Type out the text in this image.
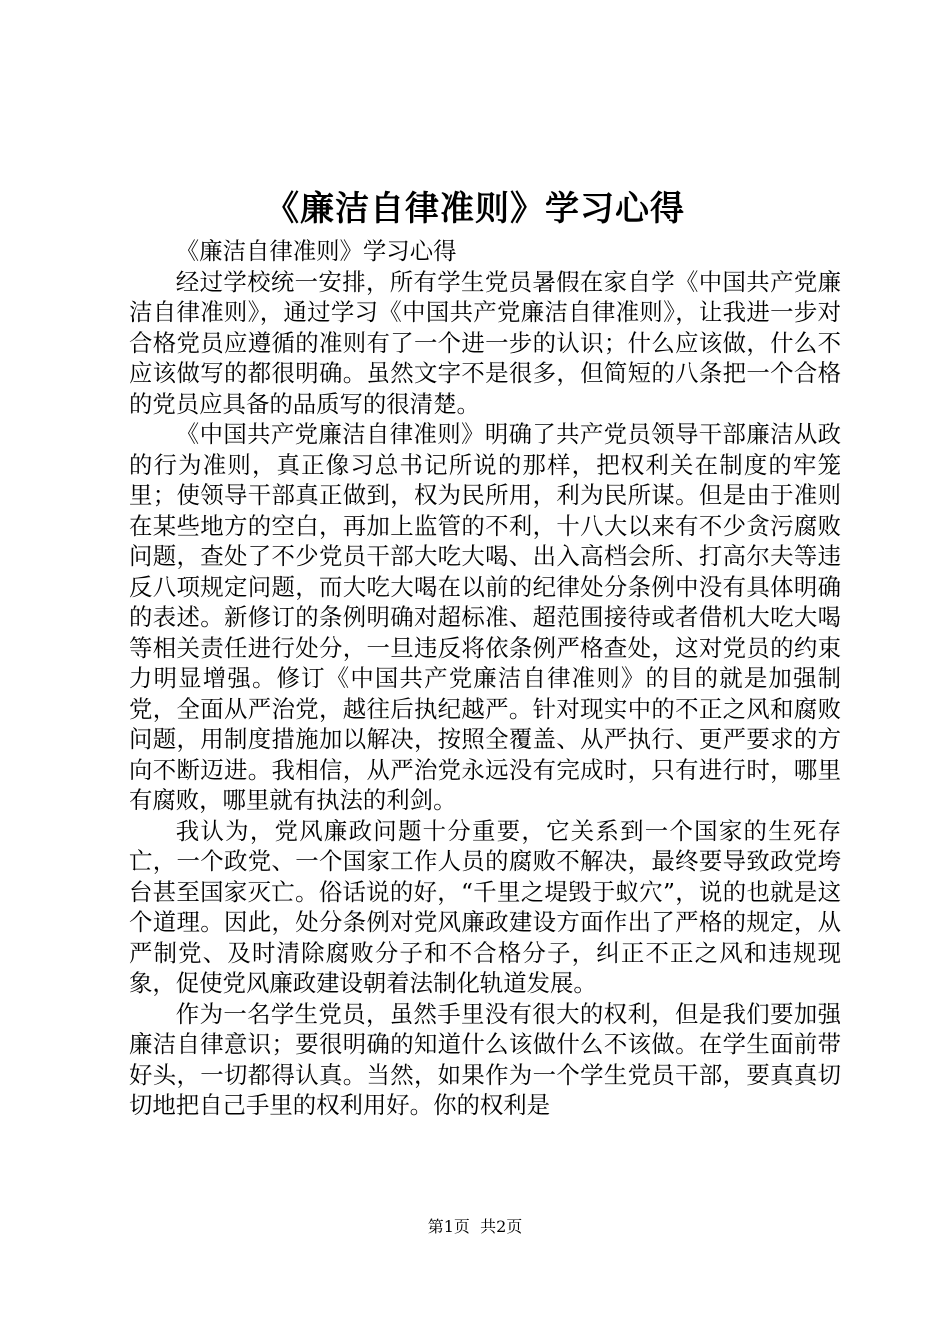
《廉洁自律准则》学习心得

《廉洁自律准则》学习心得

经过学校统一安排，所有学生党员暑假在家自学《中国共产党廉洁自律准则》，通过学习《中国共产党廉洁自律准则》，让我进一步对合格党员应遵循的准则有了一个进一步的认识；什么应该做，什么不应该做写的都很明确。虽然文字不是很多，但简短的八条把一个合格的党员应具备的品质写的很清楚。

《中国共产党廉洁自律准则》明确了共产党员领导干部廉洁从政的行为准则，真正像习总书记所说的那样，把权利关在制度的牢笼里；使领导干部真正做到，权为民所用，利为民所谋。但是由于准则在某些地方的空白，再加上监管的不利，十八大以来有不少贪污腐败问题，查处了不少党员干部大吃大喝、出入高档会所、打高尔夫等违反八项规定问题，而大吃大喝在以前的纪律处分条例中没有具体明确的表述。新修订的条例明确对超标准、超范围接待或者借机大吃大喝等相关责任进行处分，一旦违反将依条例严格查处，这对党员的约束力明显增强。修订《中国共产党廉洁自律准则》的目的就是加强制党，全面从严治党，越往后执纪越严。针对现实中的不正之风和腐败问题，用制度措施加以解决，按照全覆盖、从严执行、更严要求的方向不断迈进。我相信，从严治党永远没有完成时，只有进行时，哪里有腐败，哪里就有执法的利剑。

我认为，党风廉政问题十分重要，它关系到一个国家的生死存亡，一个政党、一个国家工作人员的腐败不解决，最终要导致政党垮台甚至国家灭亡。俗话说的好，“千里之堤毁于蚁穴”，说的也就是这个道理。因此，处分条例对党风廉政建设方面作出了严格的规定，从严制党、及时清除腐败分子和不合格分子，纠正不正之风和违规现象，促使党风廉政建设朝着法制化轨道发展。

作为一名学生党员，虽然手里没有很大的权利，但是我们要加强廉洁自律意识；要很明确的知道什么该做什么不该做。在学生面前带好头，一切都得认真。当然，如果作为一个学生党员干部，要真真切切地把自己手里的权利用好。你的权利是

第1页  共2页
